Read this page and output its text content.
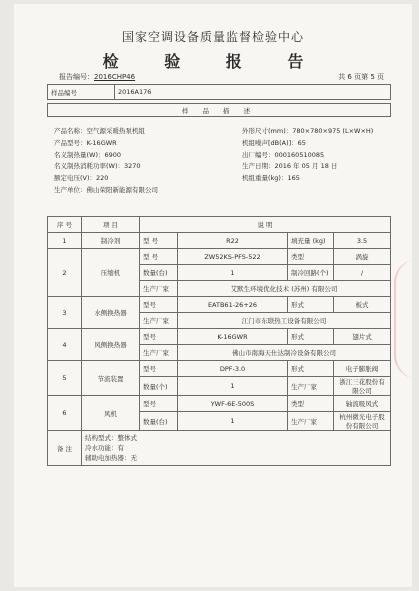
国家空调设备质量监督检验中心
检 验 报 告
报告编号：2016CHP46	共 6 页第 5 页
样品编号	2016A176
样 品 描 述
产品名称：空气源采暖热泵机组	外形尺寸(mm)：780×780×975 (L×W×H)
产品型号：K-16GWR	机组噪声[dB(A)]：65
名义制热量(W)：6900	出厂编号：000160510085
名义制热消耗功率(W)：3270	生产日期：2016 年 05 月 18 日
额定电压(V)：220	机组重量(kg)：165
生产单位：佛山荣阳新能源有限公司
序 号	项 目	说 明			
1	制冷剂	型 号	R22	填充量 (kg)	3.5
2	压缩机	型 号	ZW52KS-PFS-522	类型	涡旋
		数量(台)	1	制冷回路(个)	/
		生产厂家	艾默生环境优化技术 (苏州) 有限公司		
3	水侧换热器	型号	EATB61-26+26	形式	板式
		生产厂家	江门市东联热工设备有限公司		
4	风侧换热器	型号	K-16GWR	形式	翅片式
		生产厂家	佛山市南海天仕达制冷设备有限公司		
5	节流装置	型号	DPF-3.0	形式	电子膨胀阀
		数量(个)	1	生产厂家	浙江三花股份有限公司
6	风机	型号	YWF-6E-500S	类型	轴流吸风式
		数量(台)	1	生产厂家	杭州微光电子股份有限公司
备 注	结构型式：整体式
冷水功能：有
辅助电加热器：无				
